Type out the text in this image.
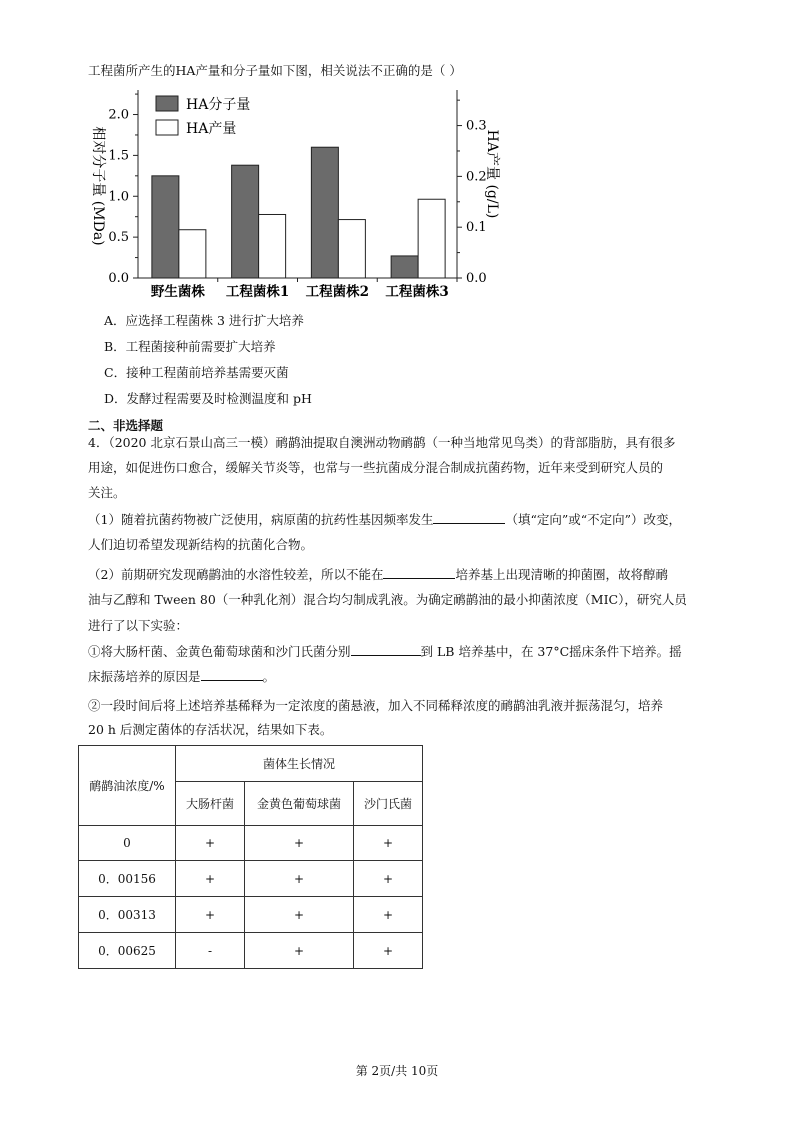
工程菌所产生的HA产量和分子量如下图，相关说法不正确的是（ ）
0.0
0.5
1.0
1.5
2.0
0.0
0.1
0.2
0.3
相对分子量 (MDa)	HA产量 (g/L)
野生菌株 工程菌株1 工程菌株2 工程菌株3
HA分子量
HA产量
A．应选择工程菌株 3 进行扩大培养
B．工程菌接种前需要扩大培养
C．接种工程菌前培养基需要灭菌
D．发酵过程需要及时检测温度和 pH
二、非选择题
4．（2020 北京石景山高三一模）鸸鹋油提取自澳洲动物鸸鹋（一种当地常见鸟类）的背部脂肪，具有很多
用途，如促进伤口愈合，缓解关节炎等，也常与一些抗菌成分混合制成抗菌药物，近年来受到研究人员的
关注。
（1）随着抗菌药物被广泛使用，病原菌的抗药性基因频率发生	（填“定向”或“不定向”）改变，
人们迫切希望发现新结构的抗菌化合物。
（2）前期研究发现鸸鹋油的水溶性较差，所以不能在	培养基上出现清晰的抑菌圈，故将醇鸸
油与乙醇和 Tween 80（一种乳化剂）混合均匀制成乳液。为确定鸸鹋油的最小抑菌浓度（MIC），研究人员
进行了以下实验：
①将大肠杆菌、金黄色葡萄球菌和沙门氏菌分别	到 LB 培养基中，在 37°C摇床条件下培养。摇
床振荡培养的原因是	。
②一段时间后将上述培养基稀释为一定浓度的菌悬液，加入不同稀释浓度的鸸鹋油乳液并振荡混匀，培养
20 h 后测定菌体的存活状况，结果如下表。
鸸鹋油浓度/%	菌体生长情况		
	大肠杆菌	金黄色葡萄球菌	沙门氏菌
0	+	+	+
0．00156	+	+	+
0．00313	+	+	+
0．00625	-	+	+
第 2页/共 10页
